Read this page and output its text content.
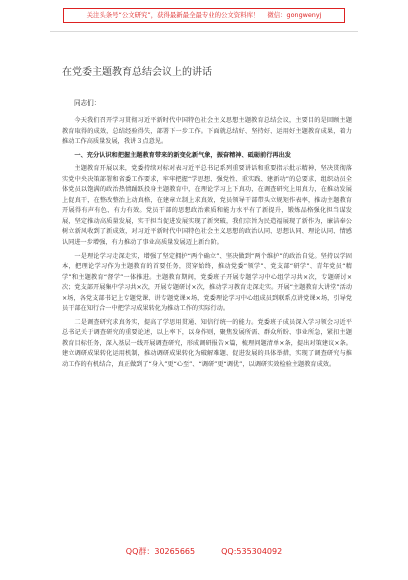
关注头条号“公文研究”，获得最新最全最专业的公文资料库！ 微信：gongwenyj
在党委主题教育总结会议上的讲话
同志们：

今天我们召开学习贯彻习近平新时代中国特色社会主义思想主题教育总结会议，主要目的是回顾主题教育取得的成效，总结经验得失，部署下一步工作。下面就总结好、坚持好、运用好主题教育成果，着力推动工作高质量发展，我讲３点意见。

一、充分认识和把握主题教育带来的新变化新气象，振奋精神、砥砺前行再出发

主题教育开展以来，党委持续对标对表习近平总书记系列重要讲话和重要指示批示精神，坚决贯彻落实党中央决策部署和省委工作要求，牢牢把握“学思想、强党性、重实践、建新功”的总要求，组织动员全体党员以饱满的政治热情踊跃投身主题教育中，在理论学习上下真功，在调查研究上用真力，在推动发展上促真干，在整改整治上动真格，在建章立制上求真效，党员领导干部带头立规矩作表率，推动主题教育开展得有声有色、有力有效。党员干部的思想政治素质和能力水平有了新提升，锻炼品格强化担当谋发展，坚定推动高质量发展，实干担当促进发展实现了新突破，我们宗旨为民造福展现了新作为，廉洁奉公树立新风收到了新成效，对习近平新时代中国特色社会主义思想的政治认同、思想认同、理论认同、情感认同进一步增强，有力推动了事业高质量发展迈上新台阶。

一是理论学习走深走实，增强了坚定拥护“两个确立”、坚决做到“两个维护”的政治自觉。坚持以学固本，把理论学习作为主题教育的首要任务，贯穿始终，推动党委“领学”、党支部“研学”、青年党员“精学”和主题教育“督学”一体推进。主题教育期间，党委班子开展专题学习中心组学习共×次，专题研讨×次；党支部开展集中学习共×次，开展专题研讨×次，推动学习教育走深走实。开展“主题教育大讲堂”活动×场，各党支部书记上专题党课、讲专题党课×场，党委理论学习中心组成员到联系点讲党课×场，引导党员干部在知行合一中把学习成果转化为推动工作的实际行动。

二是调查研究求真务实，提高了学思用贯通、知信行统一的能力。党委班子成员深入学习领会习近平总书记关于调查研究的重要论述，以上率下，以身作则，聚焦发展所需、群众所盼、事业所急，紧扣主题教育目标任务，深入基层一线开展调查研究，形成调研报告×篇，梳理问题清单×条，提出对策建议×条。建立调研成果转化运用机制，推动调研成果转化为破解难题、促进发展的具体举措，实现了调查研究与推动工作的有机结合，真正做到了“身入”更“心至”、“调研”更“调优”，以调研实效检验主题教育成效。

QQ群：30265665	QQ:535304092
